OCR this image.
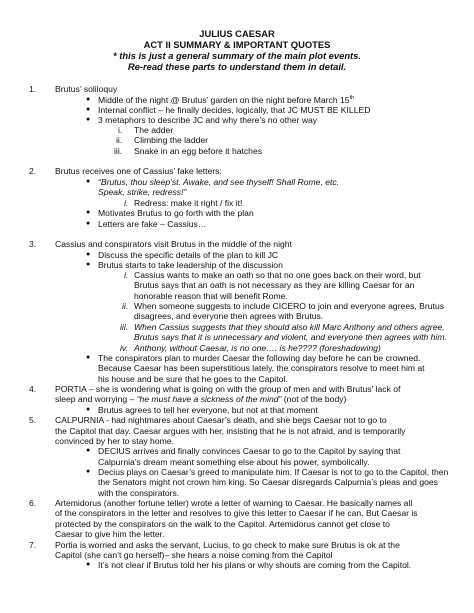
JULIUS CAESAR
ACT II SUMMARY & IMPORTANT QUOTES
* this is just a general summary of the main plot events.
Re-read these parts to understand them in detail.
1. Brutus’ soliloquy
● Middle of the night @ Brutus’ garden on the night before March 15th
● Internal conflict – he finally decides, logically, that JC MUST BE KILLED
● 3 metaphors to describe JC and why there’s no other way
i. The adder
ii. Climbing the ladder
iii. Snake in an egg before it hatches
2. Brutus receives one of Cassius’ fake letters:
● “Brutus, thou sleep’st. Awake, and see thyself! Shall Rome, etc.
Speak, strike, redress!”
i. Redress: make it right / fix it!
● Motivates Brutus to go forth with the plan
● Letters are fake – Cassius…
3. Cassius and conspirators visit Brutus in the middle of the night
● Discuss the specific details of the plan to kill JC
● Brutus starts to take leadership of the discussion
i. Cassius wants to make an oath so that no one goes back on their word, but
Brutus says that an oath is not necessary as they are killing Caesar for an
honorable reason that will benefit Rome.
ii. When someone suggests to include CICERO to join and everyone agrees, Brutus
disagrees, and everyone then agrees with Brutus.
iii. When Cassius suggests that they should also kill Marc Anthony and others agree,
Brutus says that it is unnecessary and violent, and everyone then agrees with him.
iv. Anthony, without Caesar, is no one…. is he???? (foreshadowing)
● The conspirators plan to murder Caesar the following day before he can be crowned.
Because Caesar has been superstitious lately, the conspirators resolve to meet him at
his house and be sure that he goes to the Capitol.
4. PORTIA – she is wondering what is going on with the group of men and with Brutus’ lack of
sleep and worrying – “he must have a sickness of the mind” (not of the body)
● Brutus agrees to tell her everyone, but not at that moment
5. CALPURNIA - had nightmares about Caesar’s death, and she begs Caesar not to go to
the Capitol that day. Caesar argues with her, insisting that he is not afraid, and is temporarily
convinced by her to stay home.
● DECIUS arrives and finally convinces Caesar to go to the Capitol by saying that
Calpurnia’s dream meant something else about his power, symbolically.
● Decius plays on Caesar’s greed to manipulate him. If Caesar is not to go to the Capitol, then
the Senators might not crown him king. So Caesar disregards Calpurnia’s pleas and goes
with the conspirators.
6. Artemidorus (another fortune teller) wrote a letter of warning to Caesar. He basically names all
of the conspirators in the letter and resolves to give this letter to Caesar if he can. But Caesar is
protected by the conspirators on the walk to the Capitol. Artemidorus cannot get close to
Caesar to give him the letter.
7. Portia is worried and asks the servant, Lucius, to go check to make sure Brutus is ok at the
Capitol (she can’t go herself)– she hears a noise coming from the Capitol
● It’s not clear if Brutus told her his plans or why shouts are coming from the Capitol.
